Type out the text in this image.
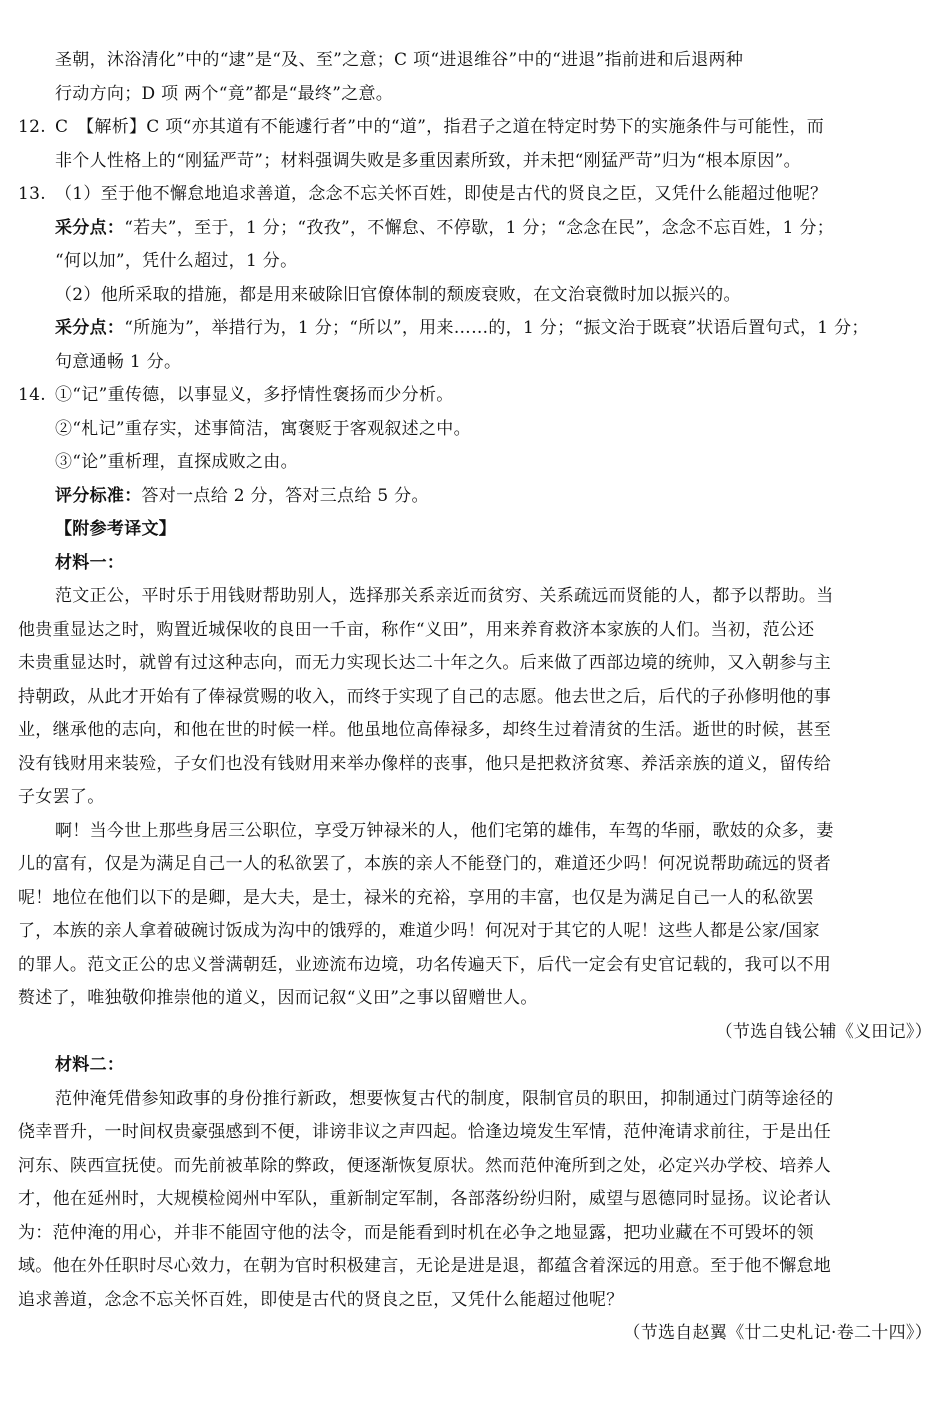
圣朝，沐浴清化”中的“逮”是“及、至”之意；C 项“进退维谷”中的“进退”指前进和后退两种
行动方向；D 项 两个“竟”都是“最终”之意。
12. C　【解析】C 项“亦其道有不能遽行者”中的“道”，指君子之道在特定时势下的实施条件与可能性，而
非个人性格上的“刚猛严苛”；材料强调失败是多重因素所致，并未把“刚猛严苛”归为“根本原因”。
13. （1）至于他不懈怠地追求善道，念念不忘关怀百姓，即使是古代的贤良之臣，又凭什么能超过他呢？
采分点：“若夫”，至于，1 分；“孜孜”，不懈怠、不停歇，1 分；“念念在民”，念念不忘百姓，1 分；
“何以加”，凭什么超过，1 分。
（2）他所采取的措施，都是用来破除旧官僚体制的颓废衰败，在文治衰微时加以振兴的。
采分点：“所施为”，举措行为，1 分；“所以”，用来……的，1 分；“振文治于既衰”状语后置句式，1 分；
句意通畅 1 分。
14. ①“记”重传德，以事显义，多抒情性褒扬而少分析。
②“札记”重存实，述事简洁，寓褒贬于客观叙述之中。
③“论”重析理，直探成败之由。
评分标准：答对一点给 2 分，答对三点给 5 分。
【附参考译文】
材料一：
范文正公，平时乐于用钱财帮助别人，选择那关系亲近而贫穷、关系疏远而贤能的人，都予以帮助。当
他贵重显达之时，购置近城保收的良田一千亩，称作“义田”，用来养育救济本家族的人们。当初，范公还
未贵重显达时，就曾有过这种志向，而无力实现长达二十年之久。后来做了西部边境的统帅，又入朝参与主
持朝政，从此才开始有了俸禄赏赐的收入，而终于实现了自己的志愿。他去世之后，后代的子孙修明他的事
业，继承他的志向，和他在世的时候一样。他虽地位高俸禄多，却终生过着清贫的生活。逝世的时候，甚至
没有钱财用来装殓，子女们也没有钱财用来举办像样的丧事，他只是把救济贫寒、养活亲族的道义，留传给
子女罢了。
啊！当今世上那些身居三公职位，享受万钟禄米的人，他们宅第的雄伟，车驾的华丽，歌妓的众多，妻
儿的富有，仅是为满足自己一人的私欲罢了，本族的亲人不能登门的，难道还少吗！何况说帮助疏远的贤者
呢！地位在他们以下的是卿，是大夫，是士，禄米的充裕，享用的丰富，也仅是为满足自己一人的私欲罢
了，本族的亲人拿着破碗讨饭成为沟中的饿殍的，难道少吗！何况对于其它的人呢！这些人都是公家/国家
的罪人。范文正公的忠义誉满朝廷，业迹流布边境，功名传遍天下，后代一定会有史官记载的，我可以不用
赘述了，唯独敬仰推崇他的道义，因而记叙“义田”之事以留赠世人。
（节选自钱公辅《义田记》）
材料二：
范仲淹凭借参知政事的身份推行新政，想要恢复古代的制度，限制官员的职田，抑制通过门荫等途径的
侥幸晋升，一时间权贵豪强感到不便，诽谤非议之声四起。恰逢边境发生军情，范仲淹请求前往，于是出任
河东、陕西宣抚使。而先前被革除的弊政，便逐渐恢复原状。然而范仲淹所到之处，必定兴办学校、培养人
才，他在延州时，大规模检阅州中军队，重新制定军制，各部落纷纷归附，威望与恩德同时显扬。议论者认
为：范仲淹的用心，并非不能固守他的法令，而是能看到时机在必争之地显露，把功业藏在不可毁坏的领
域。他在外任职时尽心效力，在朝为官时积极建言，无论是进是退，都蕴含着深远的用意。至于他不懈怠地
追求善道，念念不忘关怀百姓，即使是古代的贤良之臣，又凭什么能超过他呢？
（节选自赵翼《廿二史札记·卷二十四》）
